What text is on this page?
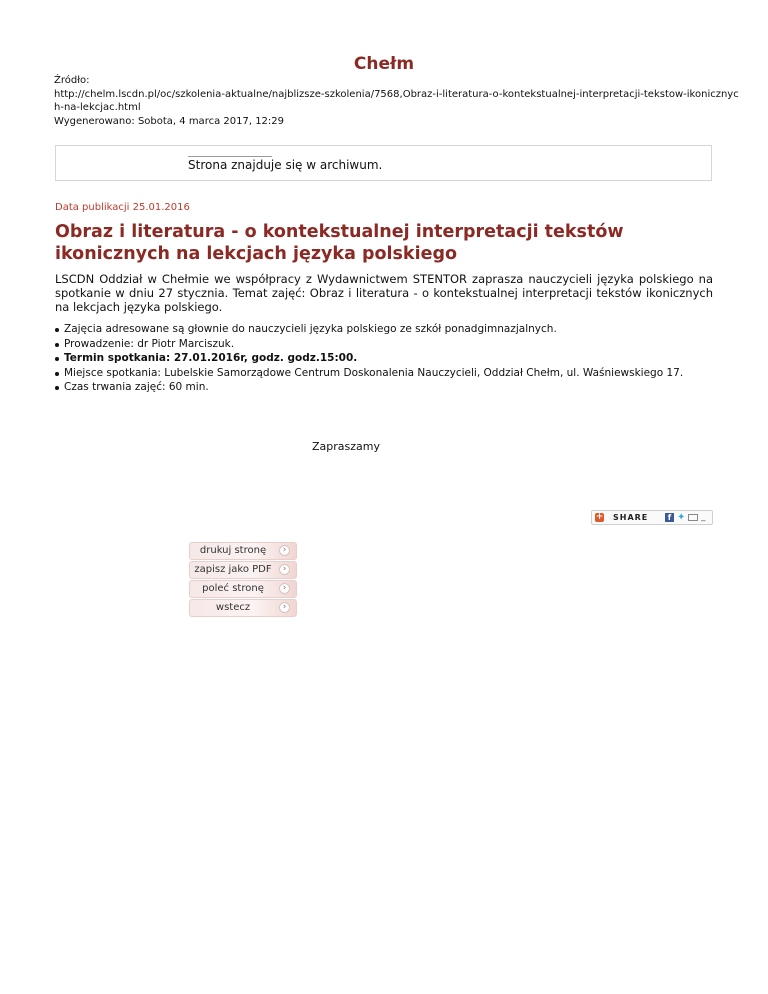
Chełm
Źródło:
http://chelm.lscdn.pl/oc/szkolenia-aktualne/najblizsze-szkolenia/7568,Obraz-i-literatura-o-kontekstualnej-interpretacji-tekstow-ikonicznyc
h-na-lekcjac.html
Wygenerowano: Sobota, 4 marca 2017, 12:29
Strona znajduje się w archiwum.
Data publikacji 25.01.2016
Obraz i literatura - o kontekstualnej interpretacji tekstów ikonicznych na lekcjach języka polskiego
LSCDN Oddział w Chełmie we współpracy z Wydawnictwem STENTOR zaprasza nauczycieli języka polskiego na spotkanie w dniu 27 stycznia. Temat zajęć: Obraz i literatura - o kontekstualnej interpretacji tekstów ikonicznych na lekcjach języka polskiego.
Zajęcia adresowane są głownie do nauczycieli języka polskiego ze szkół ponadgimnazjalnych.
Prowadzenie: dr Piotr Marciszuk.
Termin spotkania: 27.01.2016r, godz. godz.15:00.
Miejsce spotkania: Lubelskie Samorządowe Centrum Doskonalenia Nauczycieli, Oddział Chełm, ul. Waśniewskiego 17.
Czas trwania zajęć: 60 min.
Zapraszamy
+ SHARE	f ✦ _
drukuj stronę	›
zapisz jako PDF	›
poleć stronę	›
wstecz	›
